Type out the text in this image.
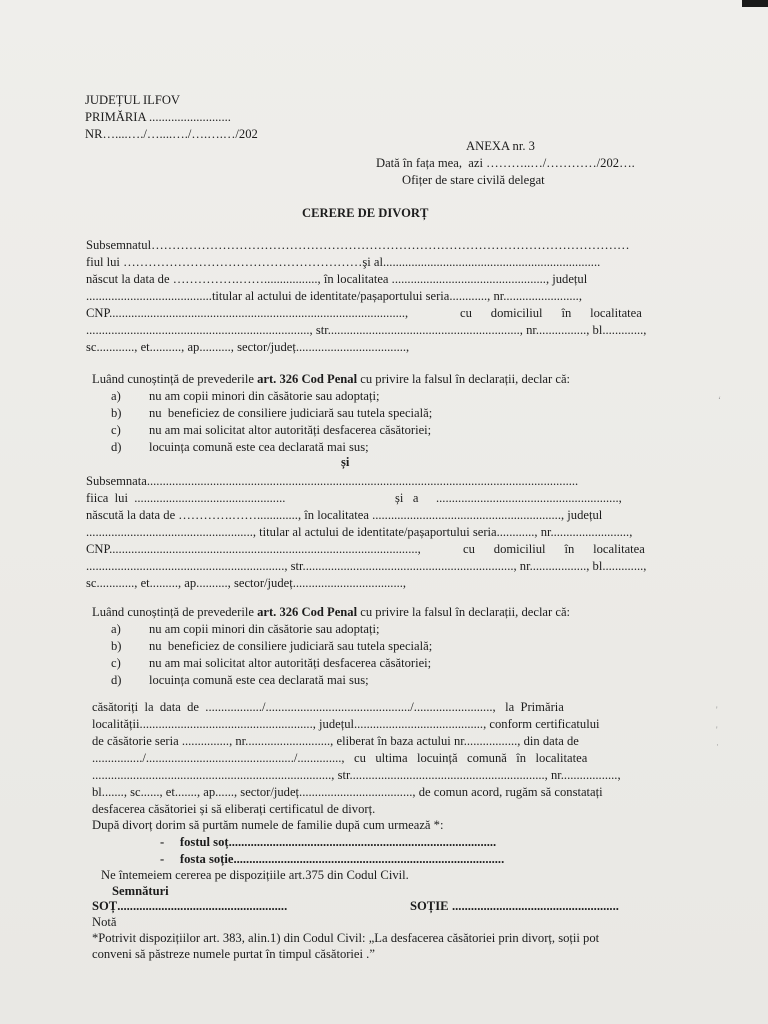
JUDEȚUL ILFOV
PRIMĂRIA ..........................
NR…....…./…....…./….….…/202
ANEXA nr. 3
Dată în fața mea,  azi ………..…/…………/202….
Ofițer de stare civilă delegat
CERERE DE DIVORȚ
Subsemnatul……………………………………………………………………………………………………
fiul lui …………………………………………………şi al.....................................................................
născut la data de …………….……................., în localitatea ................................................., județul
........................................titular al actului de identitate/pașaportului seria............, nr........................,
CNP..............................................................................................,	cu      domiciliul      în      localitatea
......................................................................., str............................................................., nr................, bl.............,
sc............, et.........., ap.........., sector/județ...................................,
Luând cunoștință de prevederile art. 326 Cod Penal cu privire la falsul în declarații, declar că:
a) nu am copii minori din căsătorie sau adoptați;
b) nu  beneficiez de consiliere judiciară sau tutela specială;
c) nu am mai solicitat altor autorități desfacerea căsătoriei;
d) locuința comună este cea declarată mai sus;
și
Subsemnata.........................................................................................................................................
fiica  lui  ................................................	și   a ..........................................................,
născută la data de ………….……............., în localitatea ............................................................, județul
....................................................., titular al actului de identitate/pașaportului seria............, nr.........................,
CNP..................................................................................................,	cu      domiciliul      în      localitatea
..............................................................., str..................................................................., nr.................., bl.............,
sc............, et........., ap.........., sector/județ...................................,
Luând cunoștință de prevederile art. 326 Cod Penal cu privire la falsul în declarații, declar că:
a) nu am copii minori din căsătorie sau adoptați;
b) nu  beneficiez de consiliere judiciară sau tutela specială;
c) nu am mai solicitat altor autorități desfacerea căsătoriei;
d) locuința comună este cea declarată mai sus;
căsătoriți  la  data  de  ................../............................................../.........................,   la  Primăria
localității......................................................., județul........................................., conform certificatului
de căsătorie seria ..............., nr..........................., eliberat în baza actului nr................., din data de
................/.............................................../..............,   cu   ultima   locuință   comună   în   localitatea
............................................................................, str.............................................................., nr..................,
bl......., sc......, et......., ap......, sector/județ...................................., de comun acord, rugăm să constatați
desfacerea căsătoriei și să eliberați certificatul de divorț.
După divorț dorim să purtăm numele de familie după cum urmează *:
-     fostul soț.....................................................................................
-     fosta soție......................................................................................
Ne întemeiem cererea pe dispozițiile art.375 din Codul Civil.
Semnături
SOȚ......................................................	SOȚIE .....................................................
Notă
*Potrivit dispozițiilor art. 383, alin.1) din Codul Civil: „La desfacerea căsătoriei prin divorț, soții pot
conveni să păstreze numele purtat în timpul căsătoriei .”
‘
'
'
·
